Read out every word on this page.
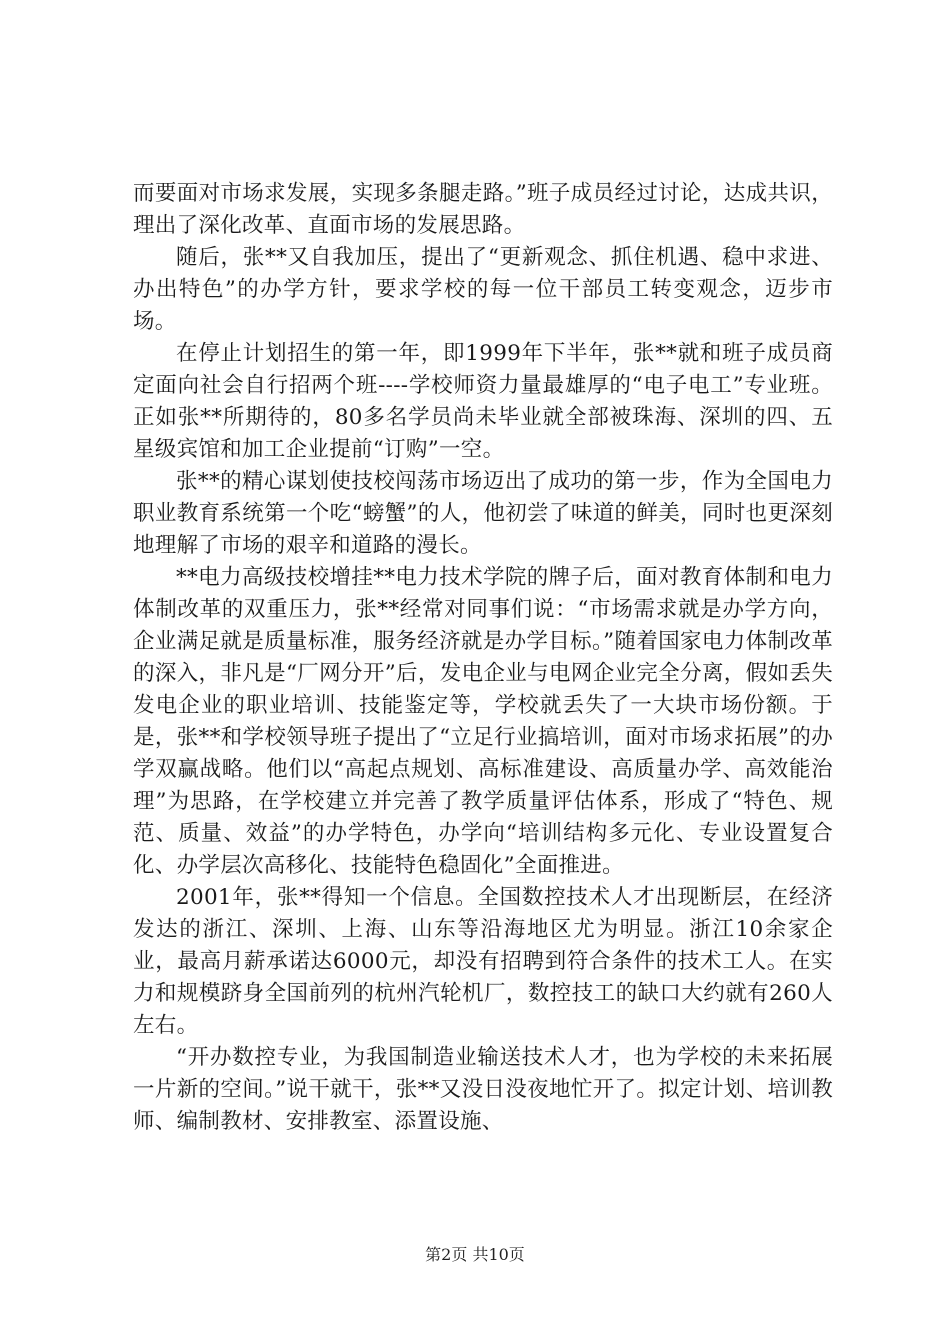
而要面对市场求发展，实现多条腿走路。”班子成员经过讨论，达成共识，理出了深化改革、直面市场的发展思路。

随后，张**又自我加压，提出了“更新观念、抓住机遇、稳中求进、办出特色”的办学方针，要求学校的每一位干部员工转变观念，迈步市场。

在停止计划招生的第一年，即1999年下半年，张**就和班子成员商定面向社会自行招两个班----学校师资力量最雄厚的“电子电工”专业班。正如张**所期待的，80多名学员尚未毕业就全部被珠海、深圳的四、五星级宾馆和加工企业提前“订购”一空。

张**的精心谋划使技校闯荡市场迈出了成功的第一步，作为全国电力职业教育系统第一个吃“螃蟹”的人，他初尝了味道的鲜美，同时也更深刻地理解了市场的艰辛和道路的漫长。

**电力高级技校增挂**电力技术学院的牌子后，面对教育体制和电力体制改革的双重压力，张**经常对同事们说：“市场需求就是办学方向，企业满足就是质量标准，服务经济就是办学目标。”随着国家电力体制改革的深入，非凡是“厂网分开”后，发电企业与电网企业完全分离，假如丢失发电企业的职业培训、技能鉴定等，学校就丢失了一大块市场份额。于是，张**和学校领导班子提出了“立足行业搞培训，面对市场求拓展”的办学双赢战略。他们以“高起点规划、高标准建设、高质量办学、高效能治理”为思路，在学校建立并完善了教学质量评估体系，形成了“特色、规范、质量、效益”的办学特色，办学向“培训结构多元化、专业设置复合化、办学层次高移化、技能特色稳固化”全面推进。

2001年，张**得知一个信息。全国数控技术人才出现断层，在经济发达的浙江、深圳、上海、山东等沿海地区尤为明显。浙江10余家企业，最高月薪承诺达6000元，却没有招聘到符合条件的技术工人。在实力和规模跻身全国前列的杭州汽轮机厂，数控技工的缺口大约就有260人左右。

“开办数控专业，为我国制造业输送技术人才，也为学校的未来拓展一片新的空间。”说干就干，张**又没日没夜地忙开了。拟定计划、培训教师、编制教材、安排教室、添置设施、

第2页 共10页
